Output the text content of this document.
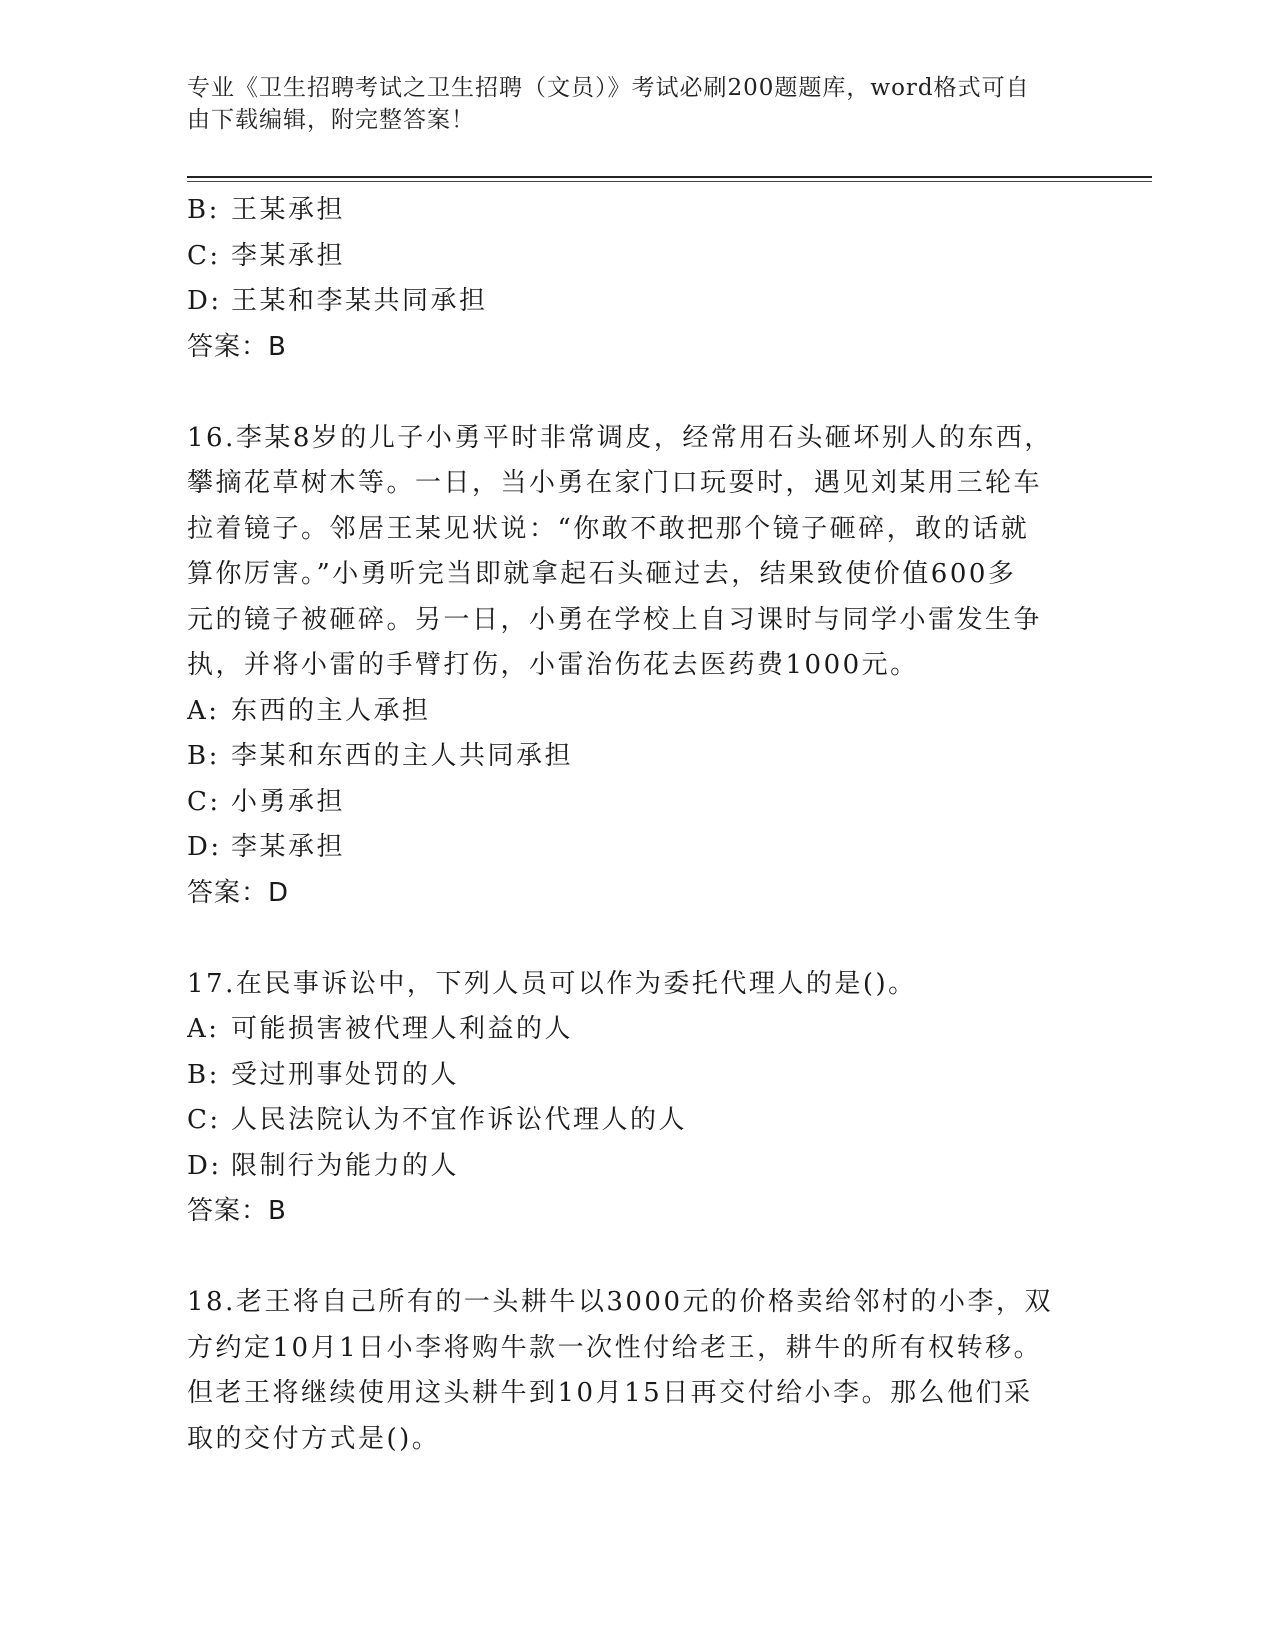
专业《卫生招聘考试之卫生招聘（文员）》考试必刷200题题库，word格式可自
由下载编辑，附完整答案！
B: 王某承担
C: 李某承担
D: 王某和李某共同承担
答案：B
16.李某8岁的儿子小勇平时非常调皮，经常用石头砸坏别人的东西，
攀摘花草树木等。一日，当小勇在家门口玩耍时，遇见刘某用三轮车
拉着镜子。邻居王某见状说：“你敢不敢把那个镜子砸碎，敢的话就
算你厉害。”小勇听完当即就拿起石头砸过去，结果致使价值600多
元的镜子被砸碎。另一日，小勇在学校上自习课时与同学小雷发生争
执，并将小雷的手臂打伤，小雷治伤花去医药费1000元。
A: 东西的主人承担
B: 李某和东西的主人共同承担
C: 小勇承担
D: 李某承担
答案：D
17.在民事诉讼中，下列人员可以作为委托代理人的是()。
A: 可能损害被代理人利益的人
B: 受过刑事处罚的人
C: 人民法院认为不宜作诉讼代理人的人
D: 限制行为能力的人
答案：B
18.老王将自己所有的一头耕牛以3000元的价格卖给邻村的小李，双
方约定10月1日小李将购牛款一次性付给老王，耕牛的所有权转移。
但老王将继续使用这头耕牛到10月15日再交付给小李。那么他们采
取的交付方式是()。
